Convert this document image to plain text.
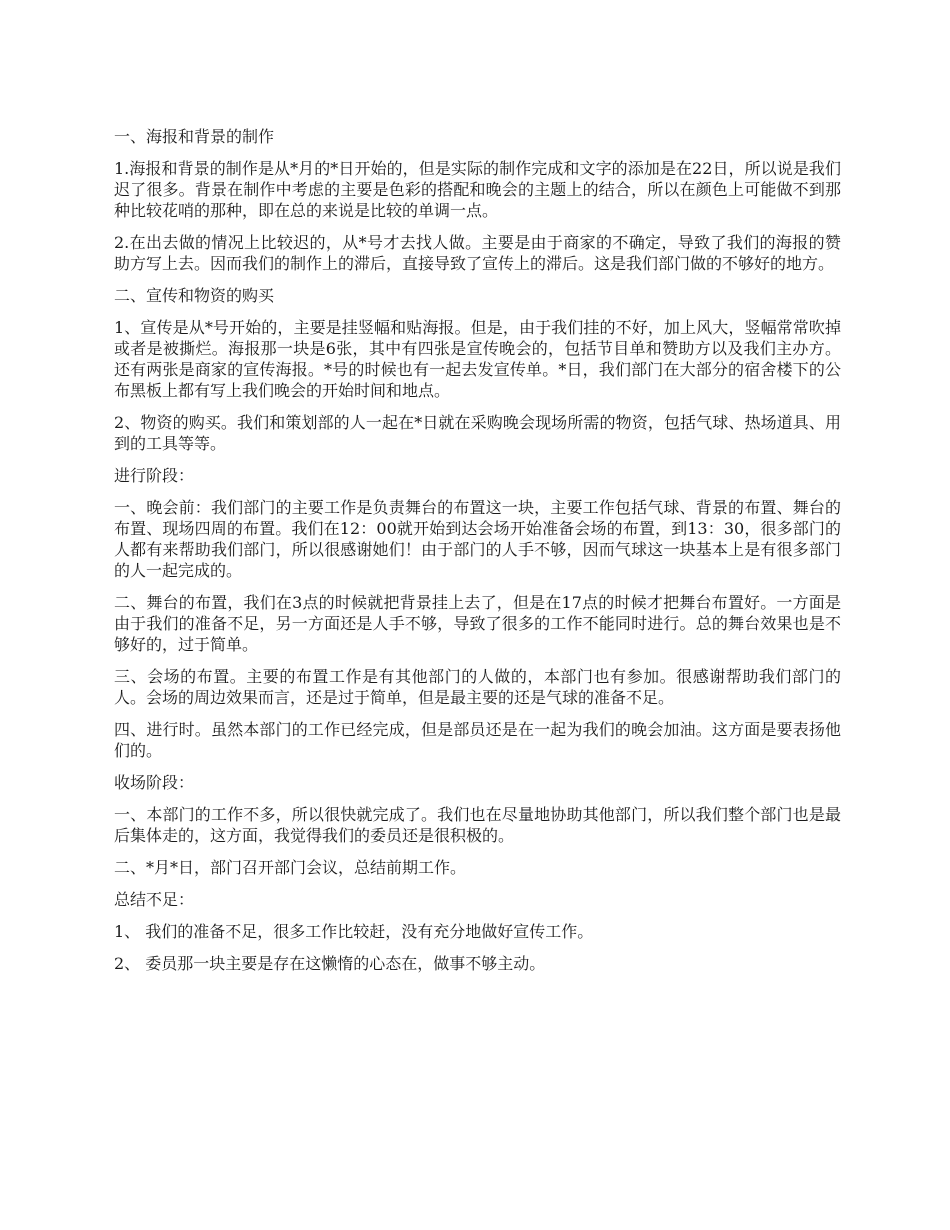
一、海报和背景的制作

1.海报和背景的制作是从*月的*日开始的，但是实际的制作完成和文字的添加是在22日，所以说是我们迟了很多。背景在制作中考虑的主要是色彩的搭配和晚会的主题上的结合，所以在颜色上可能做不到那种比较花哨的那种，即在总的来说是比较的单调一点。

2.在出去做的情况上比较迟的，从*号才去找人做。主要是由于商家的不确定，导致了我们的海报的赞助方写上去。因而我们的制作上的滞后，直接导致了宣传上的滞后。这是我们部门做的不够好的地方。

二、宣传和物资的购买

1、宣传是从*号开始的，主要是挂竖幅和贴海报。但是，由于我们挂的不好，加上风大，竖幅常常吹掉或者是被撕烂。海报那一块是6张，其中有四张是宣传晚会的，包括节目单和赞助方以及我们主办方。还有两张是商家的宣传海报。*号的时候也有一起去发宣传单。*日，我们部门在大部分的宿舍楼下的公布黑板上都有写上我们晚会的开始时间和地点。

2、物资的购买。我们和策划部的人一起在*日就在采购晚会现场所需的物资，包括气球、热场道具、用到的工具等等。

进行阶段：

一、晚会前：我们部门的主要工作是负责舞台的布置这一块，主要工作包括气球、背景的布置、舞台的布置、现场四周的布置。我们在12：00就开始到达会场开始准备会场的布置，到13：30，很多部门的人都有来帮助我们部门，所以很感谢她们！由于部门的人手不够，因而气球这一块基本上是有很多部门的人一起完成的。

二、舞台的布置，我们在3点的时候就把背景挂上去了，但是在17点的时候才把舞台布置好。一方面是由于我们的准备不足，另一方面还是人手不够，导致了很多的工作不能同时进行。总的舞台效果也是不够好的，过于简单。

三、会场的布置。主要的布置工作是有其他部门的人做的，本部门也有参加。很感谢帮助我们部门的人。会场的周边效果而言，还是过于简单，但是最主要的还是气球的准备不足。

四、进行时。虽然本部门的工作已经完成，但是部员还是在一起为我们的晚会加油。这方面是要表扬他们的。

收场阶段：

一、本部门的工作不多，所以很快就完成了。我们也在尽量地协助其他部门，所以我们整个部门也是最后集体走的，这方面，我觉得我们的委员还是很积极的。

二、*月*日，部门召开部门会议，总结前期工作。

总结不足：

1、 我们的准备不足，很多工作比较赶，没有充分地做好宣传工作。

2、 委员那一块主要是存在这懒惰的心态在，做事不够主动。
